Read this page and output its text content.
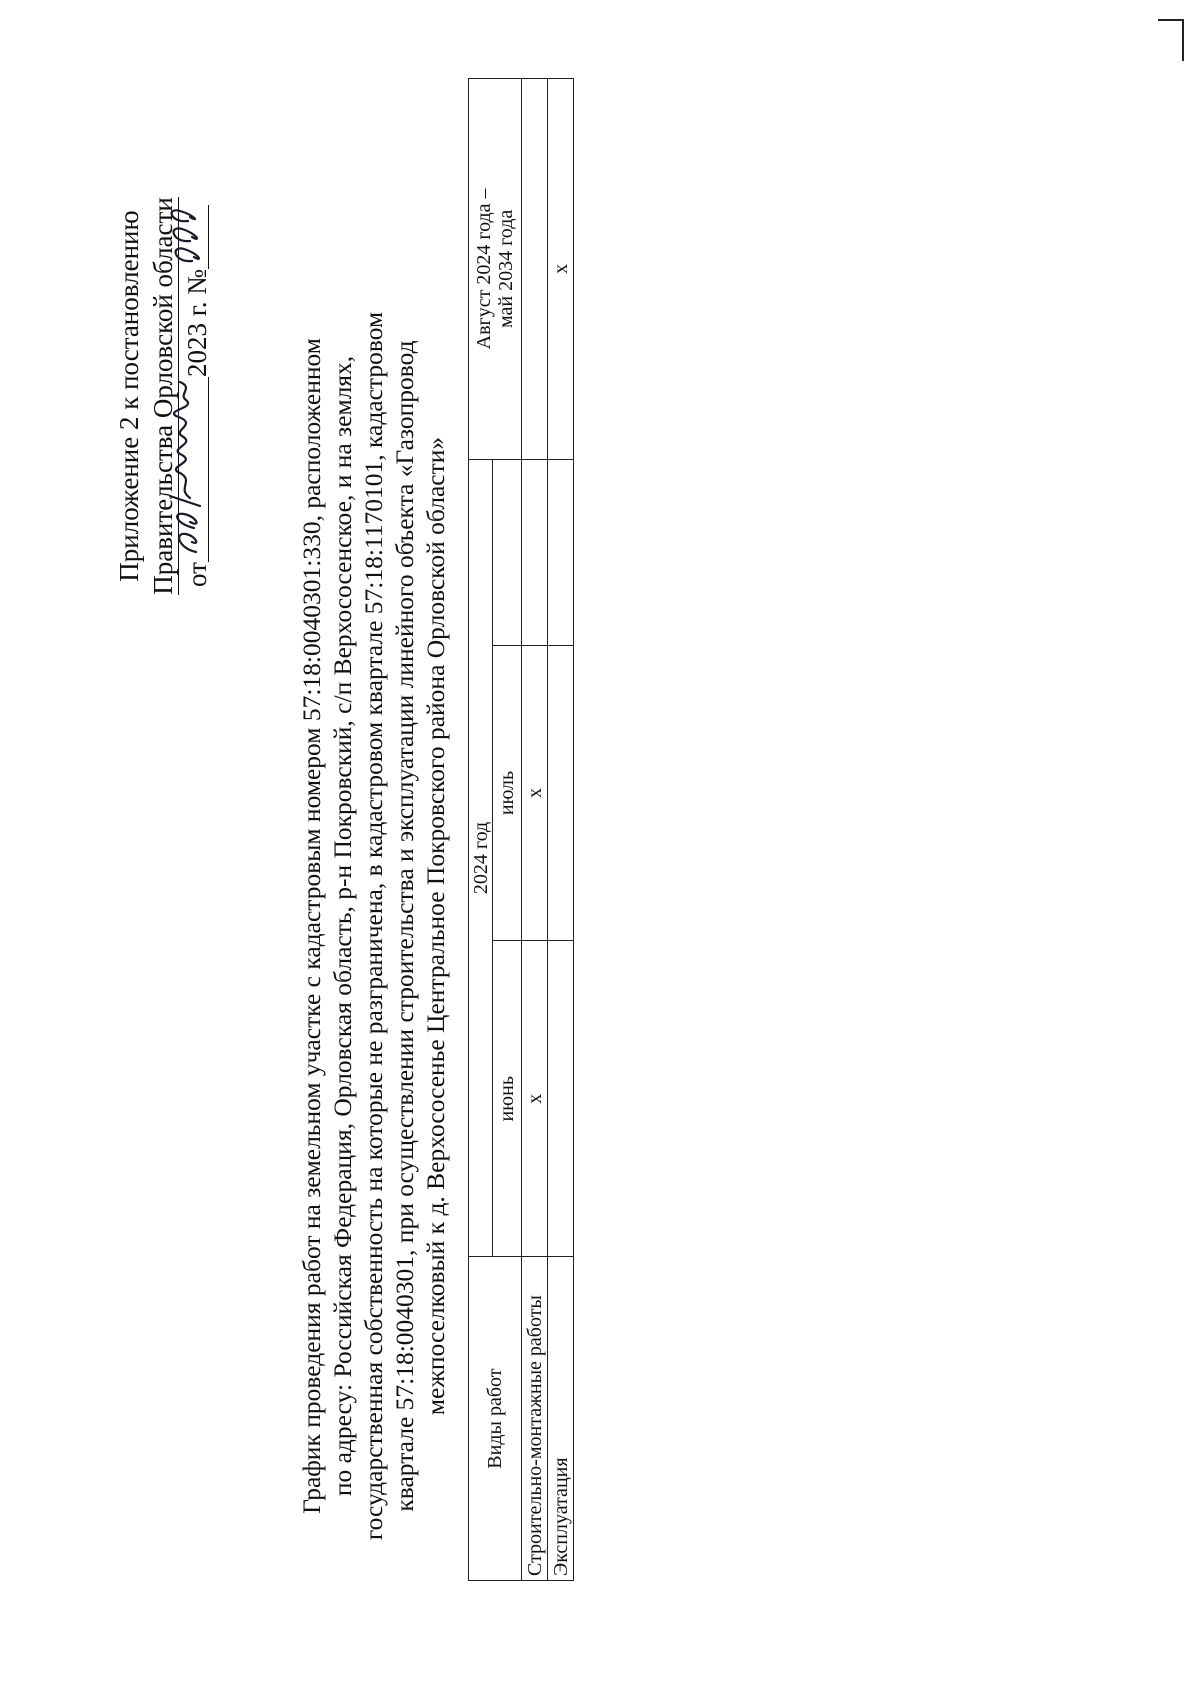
Приложение 2 к постановлению Правительства Орловской области от
2023 г. №
График проведения работ на земельном участке с кадастровым номером 57:18:0040301:330, расположенном по адресу: Российская Федерация, Орловская область, р-н Покровский, с/п Верхососенское, и на землях, государственная собственность на которые не разграничена, в кадастровом квартале 57:18:1170101, кадастровом квартале 57:18:0040301, при осуществлении строительства и эксплуатации линейного объекта «Газопровод межпоселковый к д. Верхососенье Центральное Покровского района Орловской области»
Виды работ	2024 год			Август 2024 года – май 2034 года

	июнь	июль		
Строительно-монтажные работы	x	x		
Эксплуатация				x
